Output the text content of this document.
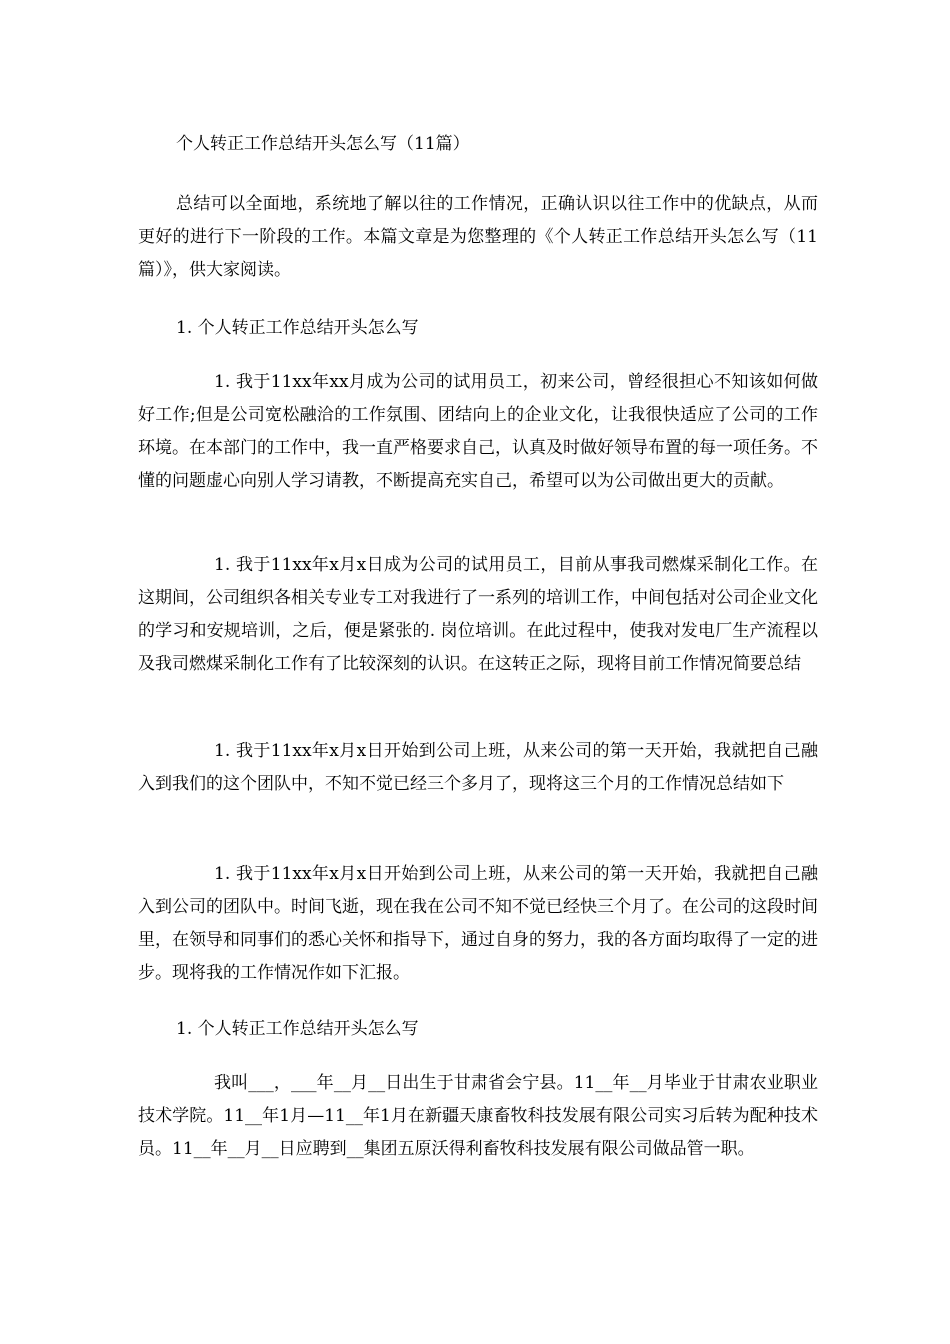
个人转正工作总结开头怎么写（11篇）
总结可以全面地，系统地了解以往的工作情况，正确认识以往工作中的优缺点，从而更好的进行下一阶段的工作。本篇文章是为您整理的《个人转正工作总结开头怎么写（11篇）》，供大家阅读。
1. 个人转正工作总结开头怎么写
1. 我于11xx年xx月成为公司的试用员工，初来公司，曾经很担心不知该如何做好工作;但是公司宽松融洽的工作氛围、团结向上的企业文化，让我很快适应了公司的工作环境。在本部门的工作中，我一直严格要求自己，认真及时做好领导布置的每一项任务。不懂的问题虚心向别人学习请教，不断提高充实自己，希望可以为公司做出更大的贡献。
1. 我于11xx年x月x日成为公司的试用员工，目前从事我司燃煤采制化工作。在这期间，公司组织各相关专业专工对我进行了一系列的培训工作，中间包括对公司企业文化的学习和安规培训，之后，便是紧张的. 岗位培训。在此过程中，使我对发电厂生产流程以及我司燃煤采制化工作有了比较深刻的认识。在这转正之际，现将目前工作情况简要总结
1. 我于11xx年x月x日开始到公司上班，从来公司的第一天开始，我就把自己融入到我们的这个团队中，不知不觉已经三个多月了，现将这三个月的工作情况总结如下
1. 我于11xx年x月x日开始到公司上班，从来公司的第一天开始，我就把自己融入到公司的团队中。时间飞逝，现在我在公司不知不觉已经快三个月了。在公司的这段时间里，在领导和同事们的悉心关怀和指导下，通过自身的努力，我的各方面均取得了一定的进步。现将我的工作情况作如下汇报。
1. 个人转正工作总结开头怎么写
我叫___，___年__月__日出生于甘肃省会宁县。11__年__月毕业于甘肃农业职业技术学院。11__年1月—11__年1月在新疆天康畜牧科技发展有限公司实习后转为配种技术员。11__年__月__日应聘到__集团五原沃得利畜牧科技发展有限公司做品管一职。
